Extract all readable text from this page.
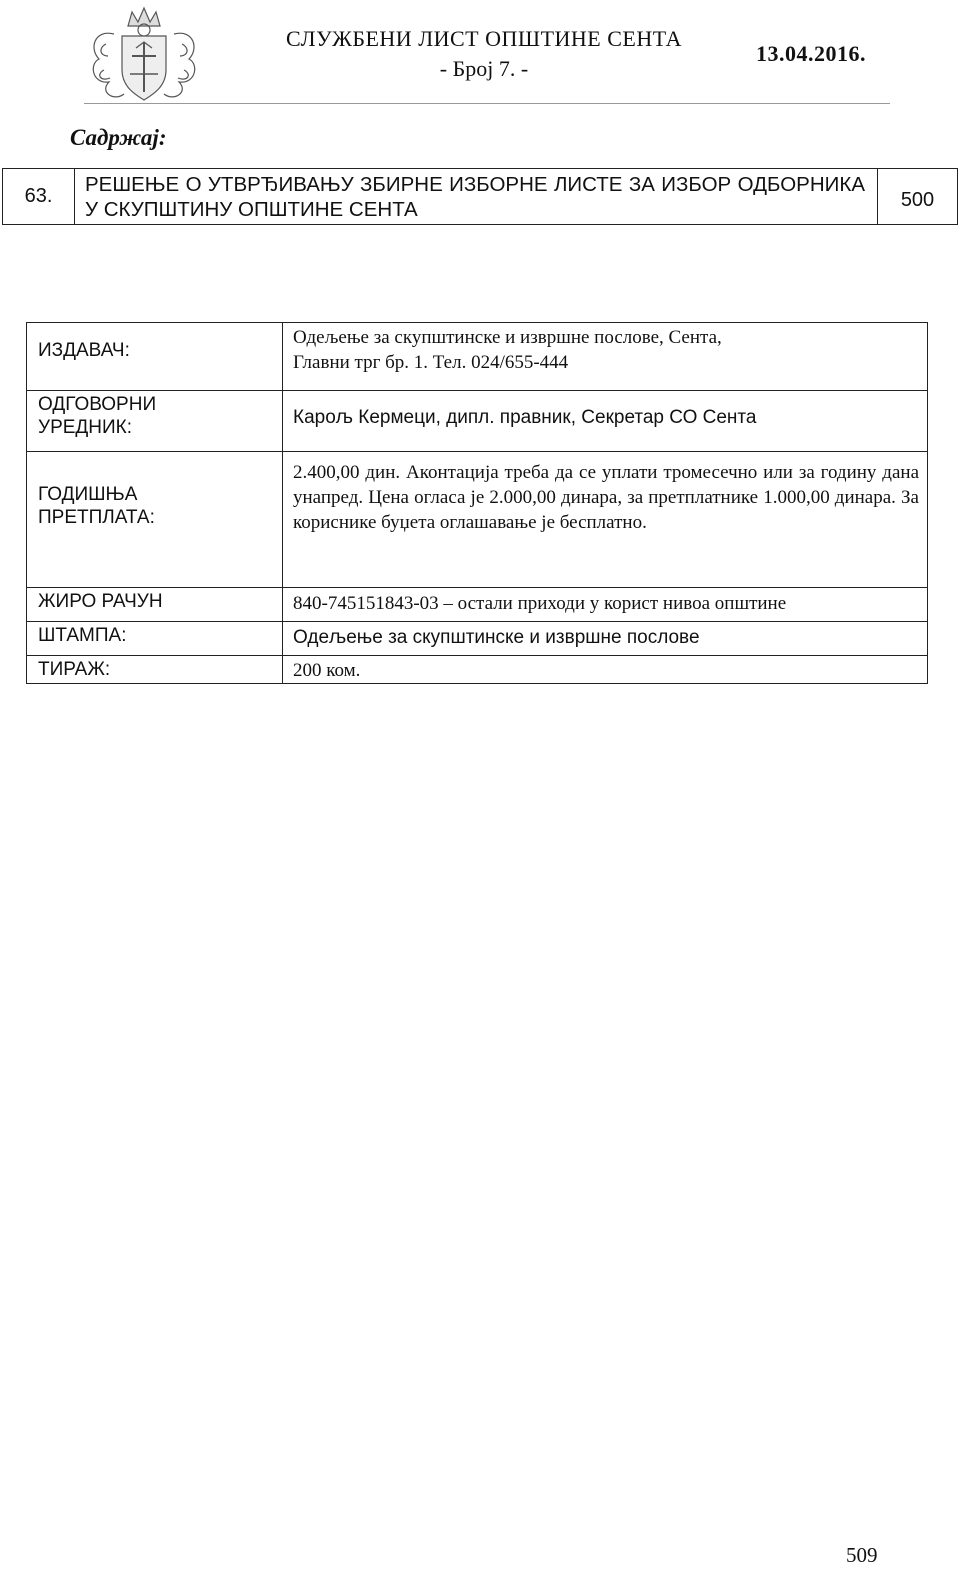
СЛУЖБЕНИ ЛИСТ ОПШТИНЕ СЕНТА
- Број 7. -
13.04.2016.
Садржај:
63.	РЕШЕЊЕ О УТВРЂИВАЊУ ЗБИРНЕ ИЗБОРНЕ ЛИСТЕ ЗА ИЗБОР ОДБОРНИКА У СКУПШТИНУ ОПШТИНЕ СЕНТА	500
ИЗДАВАЧ:	Одељење за скупштинске и извршне послове, Сента,
Главни трг бр. 1. Тел. 024/655-444

ОДГОВОРНИ
УРЕДНИК:	Карољ Кермеци, дипл. правник, Секретар СО Сента

ГОДИШЊА
ПРЕТПЛАТА:	2.400,00 дин. Аконтација треба да се уплати тромесечно или за годину дана унапред. Цена огласа је 2.000,00 динара, за претплатнике 1.000,00 динара. За кориснике буџета оглашавање је бесплатно.
ЖИРО РАЧУН	840-745151843-03 – остали приходи у корист нивоа општине
ШТАМПА:	Одељење за скупштинске и извршне послове
ТИРАЖ:	200 ком.
509
